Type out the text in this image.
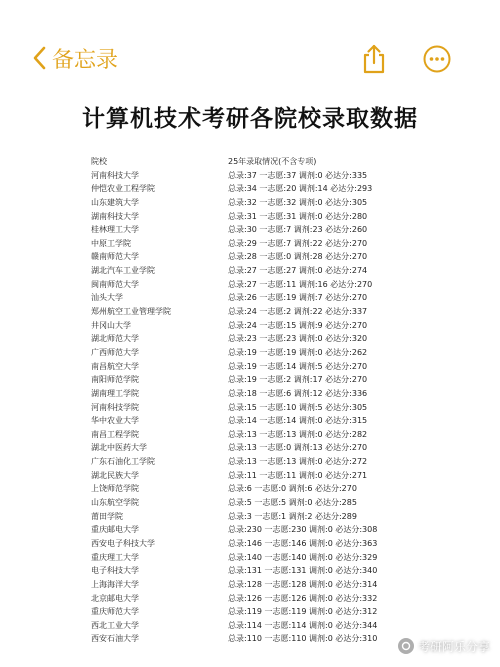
备忘录
计算机技术考研各院校录取数据
院校	25年录取情况(不含专项)
河南科技大学	总录:37 一志愿:37 调剂:0 必达分:335
仲恺农业工程学院	总录:34 一志愿:20 调剂:14 必达分:293
山东建筑大学	总录:32 一志愿:32 调剂:0 必达分:305
湖南科技大学	总录:31 一志愿:31 调剂:0 必达分:280
桂林理工大学	总录:30 一志愿:7 调剂:23 必达分:260
中原工学院	总录:29 一志愿:7 调剂:22 必达分:270
赣南师范大学	总录:28 一志愿:0 调剂:28 必达分:270
湖北汽车工业学院	总录:27 一志愿:27 调剂:0 必达分:274
闽南师范大学	总录:27 一志愿:11 调剂:16 必达分:270
汕头大学	总录:26 一志愿:19 调剂:7 必达分:270
郑州航空工业管理学院	总录:24 一志愿:2 调剂:22 必达分:337
井冈山大学	总录:24 一志愿:15 调剂:9 必达分:270
湖北师范大学	总录:23 一志愿:23 调剂:0 必达分:320
广西师范大学	总录:19 一志愿:19 调剂:0 必达分:262
南昌航空大学	总录:19 一志愿:14 调剂:5 必达分:270
南阳师范学院	总录:19 一志愿:2 调剂:17 必达分:270
湖南理工学院	总录:18 一志愿:6 调剂:12 必达分:336
河南科技学院	总录:15 一志愿:10 调剂:5 必达分:305
华中农业大学	总录:14 一志愿:14 调剂:0 必达分:315
南昌工程学院	总录:13 一志愿:13 调剂:0 必达分:282
湖北中医药大学	总录:13 一志愿:0 调剂:13 必达分:270
广东石油化工学院	总录:13 一志愿:13 调剂:0 必达分:272
湖北民族大学	总录:11 一志愿:11 调剂:0 必达分:271
上饶师范学院	总录:6 一志愿:0 调剂:6 必达分:270
山东航空学院	总录:5 一志愿:5 调剂:0 必达分:285
莆田学院	总录:3 一志愿:1 调剂:2 必达分:289
重庆邮电大学	总录:230 一志愿:230 调剂:0 必达分:308
西安电子科技大学	总录:146 一志愿:146 调剂:0 必达分:363
重庆理工大学	总录:140 一志愿:140 调剂:0 必达分:329
电子科技大学	总录:131 一志愿:131 调剂:0 必达分:340
上海海洋大学	总录:128 一志愿:128 调剂:0 必达分:314
北京邮电大学	总录:126 一志愿:126 调剂:0 必达分:332
重庆师范大学	总录:119 一志愿:119 调剂:0 必达分:312
西北工业大学	总录:114 一志愿:114 调剂:0 必达分:344
西安石油大学	总录:110 一志愿:110 调剂:0 必达分:310
考研阿乐分享
